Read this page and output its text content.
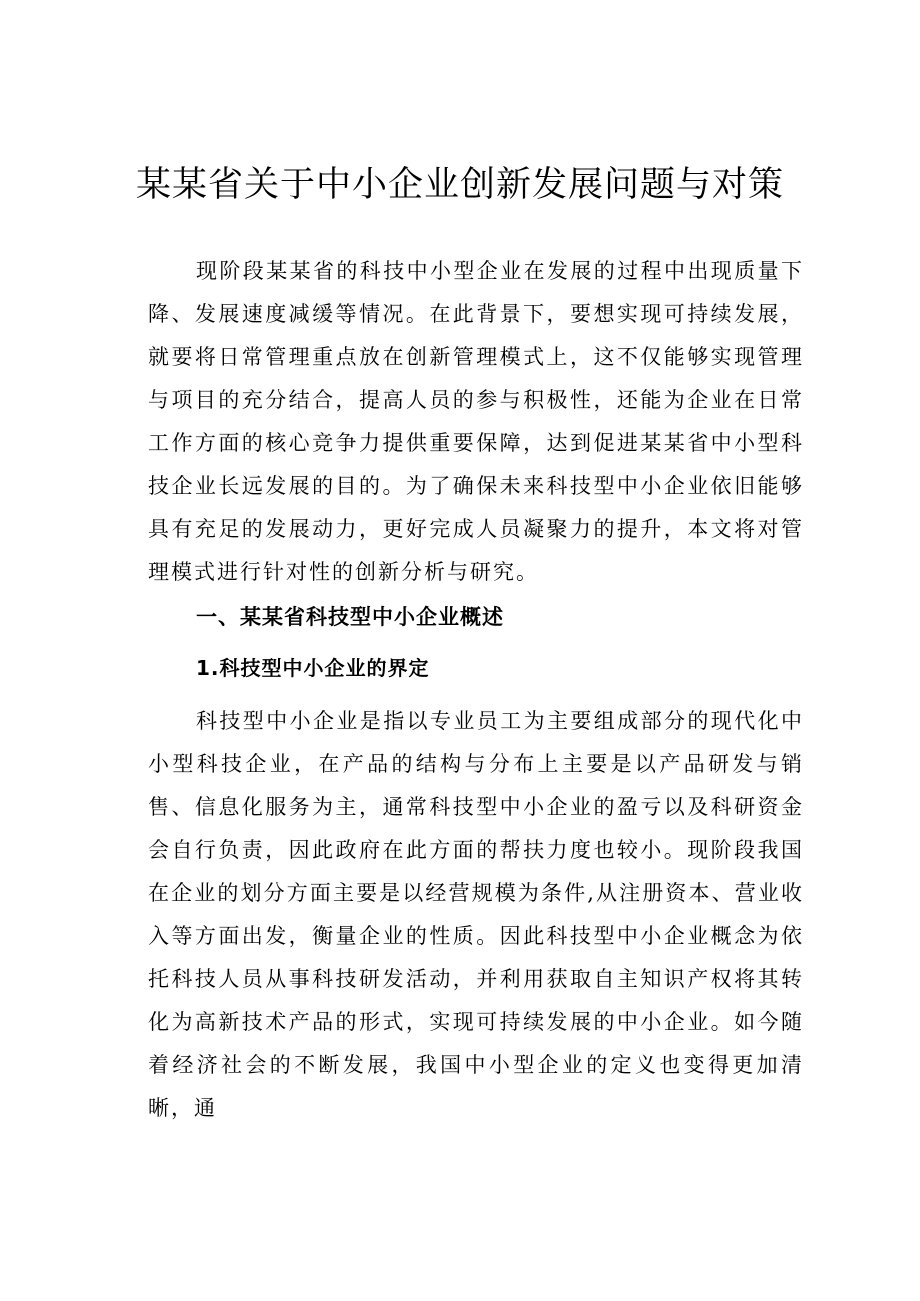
某某省关于中小企业创新发展问题与对策

现阶段某某省的科技中小型企业在发展的过程中出现质量下降、发展速度减缓等情况。在此背景下，要想实现可持续发展，就要将日常管理重点放在创新管理模式上，这不仅能够实现管理与项目的充分结合，提高人员的参与积极性，还能为企业在日常工作方面的核心竞争力提供重要保障，达到促进某某省中小型科技企业长远发展的目的。为了确保未来科技型中小企业依旧能够具有充足的发展动力，更好完成人员凝聚力的提升，本文将对管理模式进行针对性的创新分析与研究。

一、某某省科技型中小企业概述
1.科技型中小企业的界定

科技型中小企业是指以专业员工为主要组成部分的现代化中小型科技企业，在产品的结构与分布上主要是以产品研发与销售、信息化服务为主，通常科技型中小企业的盈亏以及科研资金会自行负责，因此政府在此方面的帮扶力度也较小。现阶段我国在企业的划分方面主要是以经营规模为条件,从注册资本、营业收入等方面出发，衡量企业的性质。因此科技型中小企业概念为依托科技人员从事科技研发活动，并利用获取自主知识产权将其转化为高新技术产品的形式，实现可持续发展的中小企业。如今随着经济社会的不断发展，我国中小型企业的定义也变得更加清晰，通
